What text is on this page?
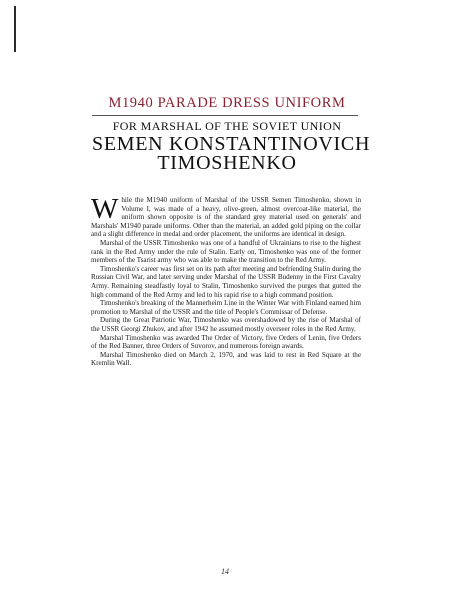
M1940 PARADE DRESS UNIFORM
FOR MARSHAL OF THE SOVIET UNION
SEMEN KONSTANTINOVICH
TIMOSHENKO

While the M1940 uniform of Marshal of the USSR Semen Timoshenko, shown in Volume I, was made of a heavy, olive-green, almost overcoat-like material, the uniform shown opposite is of the standard grey material used on generals' and Marshals' M1940 parade uniforms. Other than the material, an added gold piping on the collar and a slight difference in medal and order placement, the uniforms are identical in design.

Marshal of the USSR Timoshenko was one of a handful of Ukrainians to rise to the highest rank in the Red Army under the rule of Stalin. Early on, Timoshenko was one of the former members of the Tsarist army who was able to make the transition to the Red Army.

Timoshenko's career was first set on its path after meeting and befriending Stalin during the Russian Civil War, and later serving under Marshal of the USSR Budenny in the First Cavalry Army. Remaining steadfastly loyal to Stalin, Timoshenko survived the purges that gutted the high command of the Red Army and led to his rapid rise to a high command position.

Timoshenko's breaking of the Mannerheim Line in the Winter War with Finland earned him promotion to Marshal of the USSR and the title of People's Commissar of Defense.

During the Great Patriotic War, Timoshenko was overshadowed by the rise of Marshal of the USSR Georgi Zhukov, and after 1942 he assumed mostly overseer roles in the Red Army.

Marshal Timoshenko was awarded The Order of Victory, five Orders of Lenin, five Orders of the Red Banner, three Orders of Suvorov, and numerous foreign awards.

Marshal Timoshenko died on March 2, 1970, and was laid to rest in Red Square at the Kremlin Wall.

14
